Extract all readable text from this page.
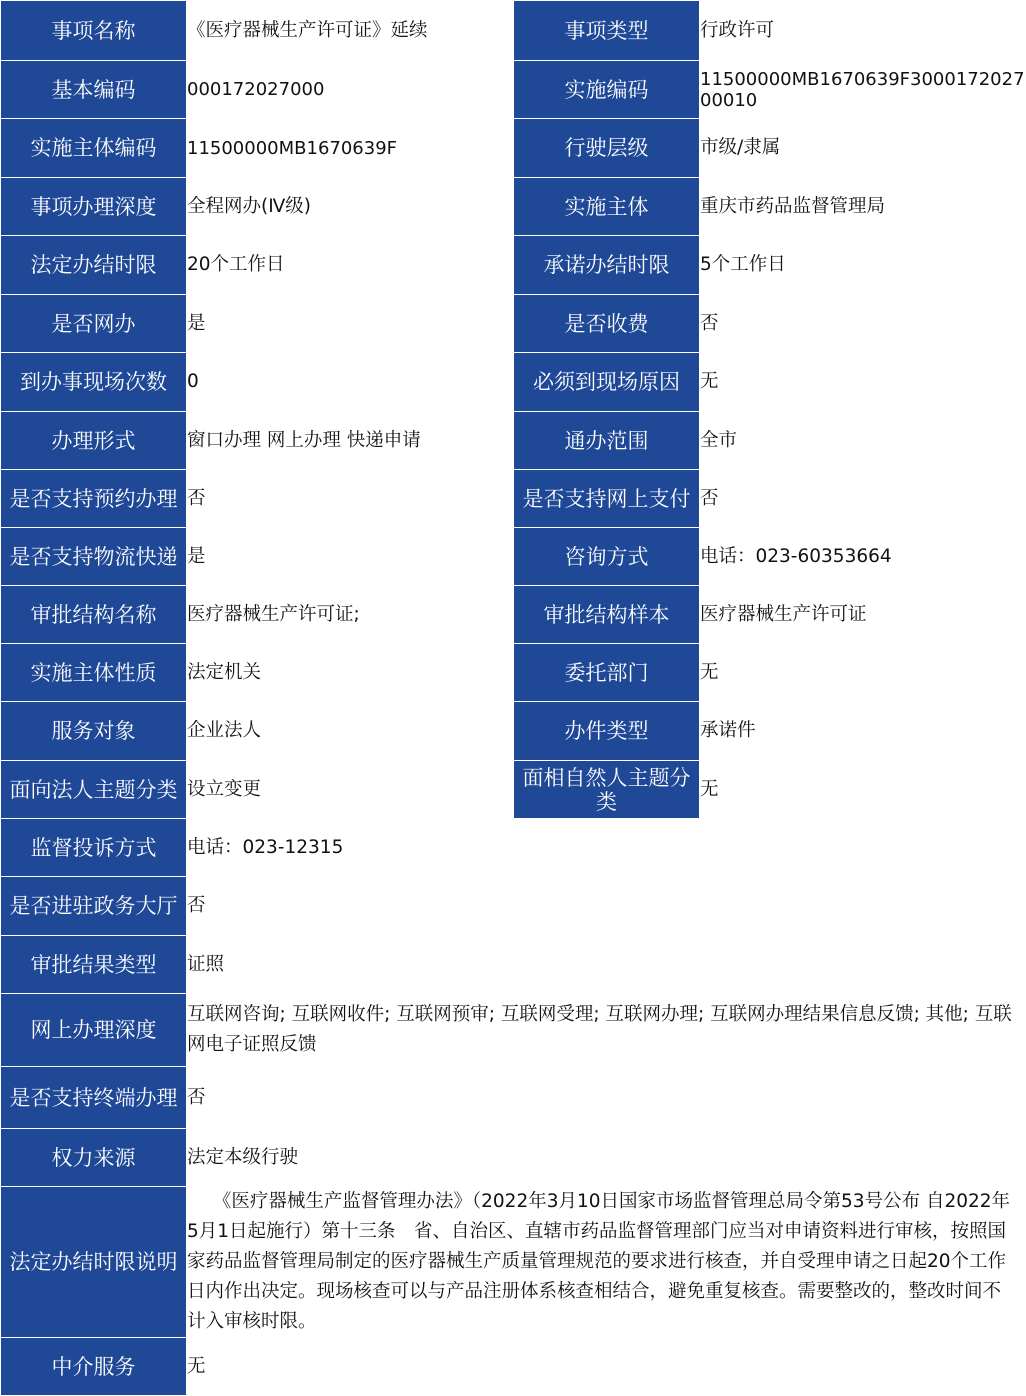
事项名称	《医疗器械生产许可证》延续	事项类型	行政许可
基本编码	000172027000	实施编码	11500000MB1670639F300017202700010
实施主体编码	11500000MB1670639F	行驶层级	市级/隶属
事项办理深度	全程网办(Ⅳ级)	实施主体	重庆市药品监督管理局
法定办结时限	20个工作日	承诺办结时限	5个工作日
是否网办	是	是否收费	否
到办事现场次数	0	必须到现场原因	无
办理形式	窗口办理 网上办理 快递申请	通办范围	全市
是否支持预约办理	否	是否支持网上支付	否
是否支持物流快递	是	咨询方式	电话：023-60353664
审批结构名称	医疗器械生产许可证;	审批结构样本	医疗器械生产许可证
实施主体性质	法定机关	委托部门	无
服务对象	企业法人	办件类型	承诺件
面向法人主题分类	设立变更	面相自然人主题分类	无
监督投诉方式	电话：023-12315		
是否进驻政务大厅	否		
审批结果类型	证照		
网上办理深度	互联网咨询; 互联网收件; 互联网预审; 互联网受理; 互联网办理; 互联网办理结果信息反馈; 其他; 互联网电子证照反馈		
是否支持终端办理	否		
权力来源	法定本级行驶		
法定办结时限说明	《医疗器械生产监督管理办法》（2022年3月10日国家市场监督管理总局令第53号公布 自2022年5月1日起施行）第十三条　省、自治区、直辖市药品监督管理部门应当对申请资料进行审核，按照国家药品监督管理局制定的医疗器械生产质量管理规范的要求进行核查，并自受理申请之日起20个工作日内作出决定。现场核查可以与产品注册体系核查相结合，避免重复核查。需要整改的，整改时间不计入审核时限。		

中介服务	无		
